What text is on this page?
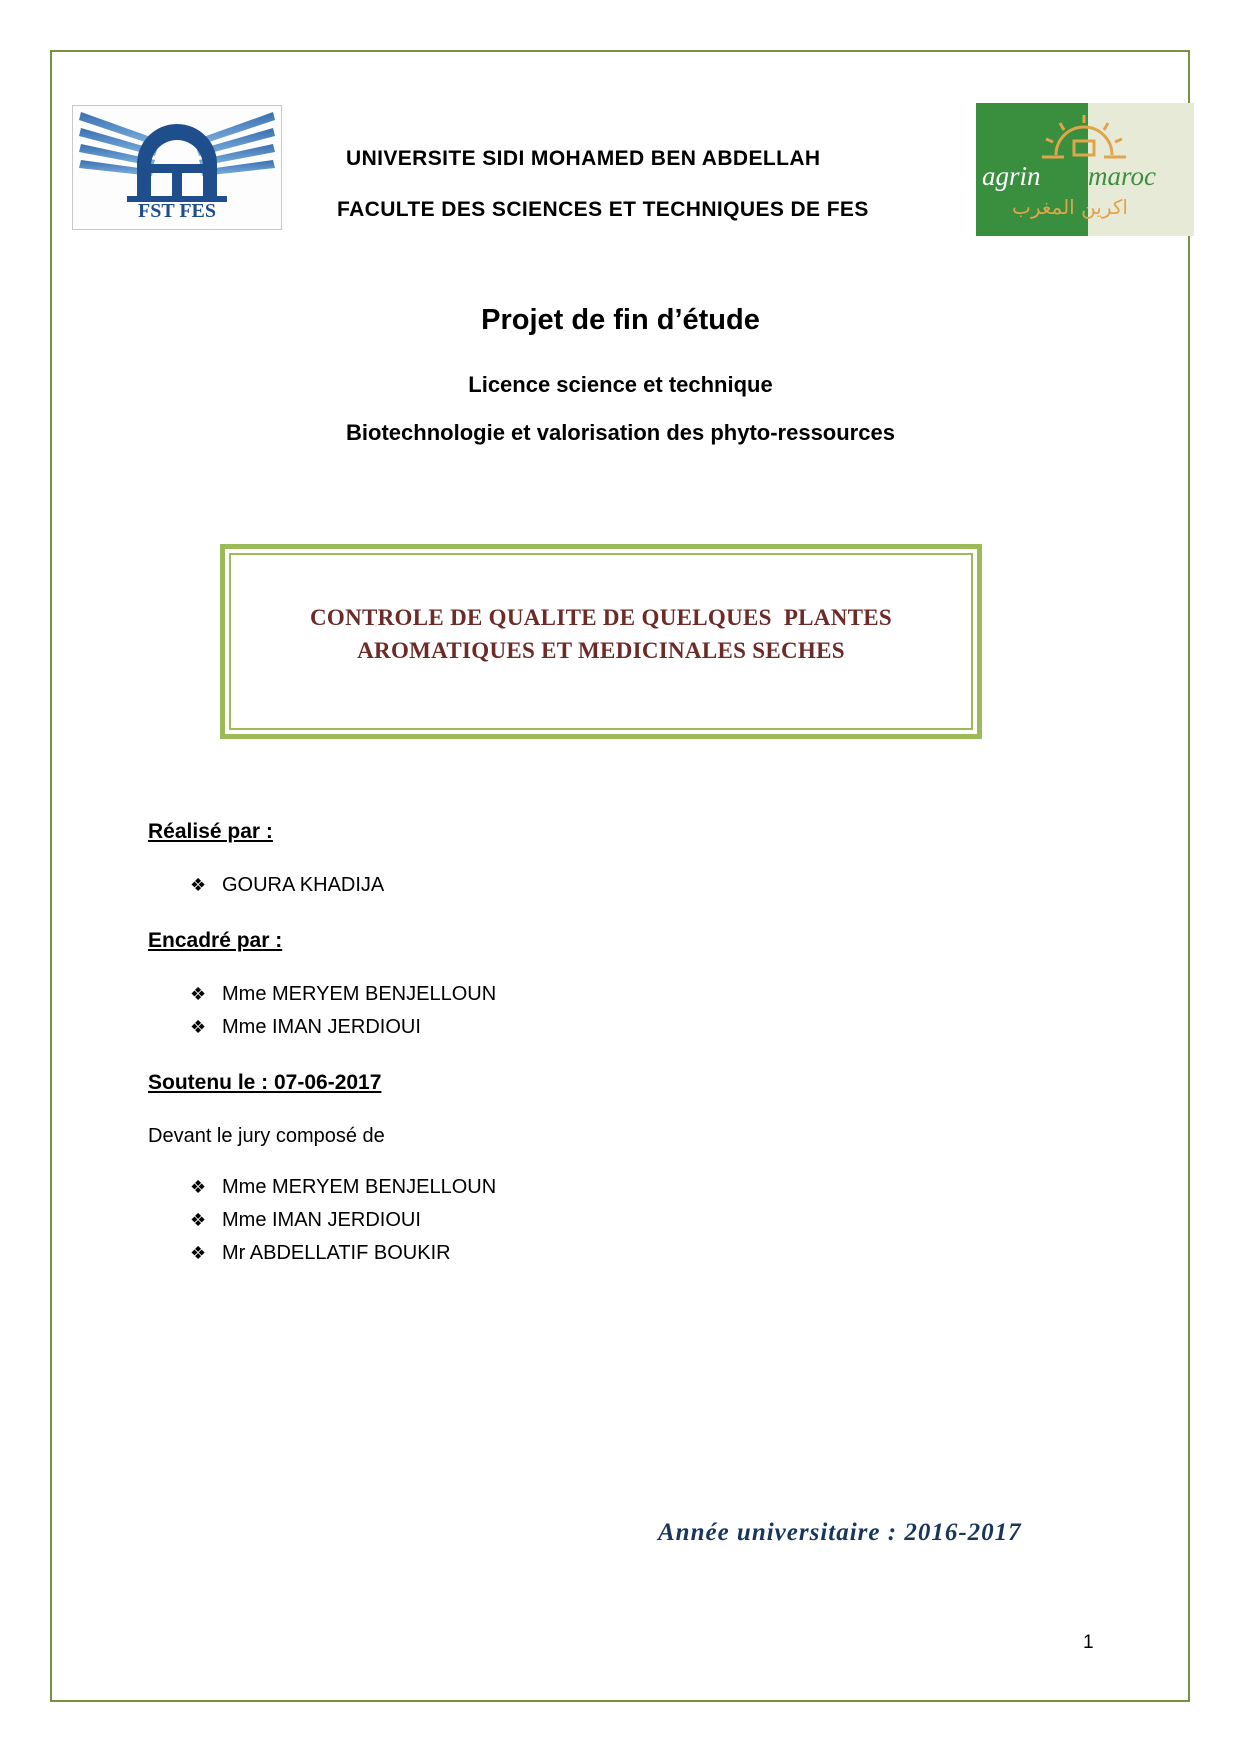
FST FES
agrin maroc
اكرين المغرب
UNIVERSITE SIDI MOHAMED BEN ABDELLAH
FACULTE DES SCIENCES ET TECHNIQUES DE FES
Projet de fin d’étude
Licence science et technique
Biotechnologie et valorisation des phyto-ressources
CONTROLE DE QUALITE DE QUELQUES  PLANTES
AROMATIQUES ET MEDICINALES SECHES
Réalisé par :
❖ GOURA KHADIJA
Encadré par :
❖ Mme MERYEM BENJELLOUN
❖ Mme IMAN JERDIOUI
Soutenu le : 07-06-2017
Devant le jury composé de
❖ Mme MERYEM BENJELLOUN
❖ Mme IMAN JERDIOUI
❖ Mr ABDELLATIF BOUKIR
Année universitaire : 2016-2017
1
